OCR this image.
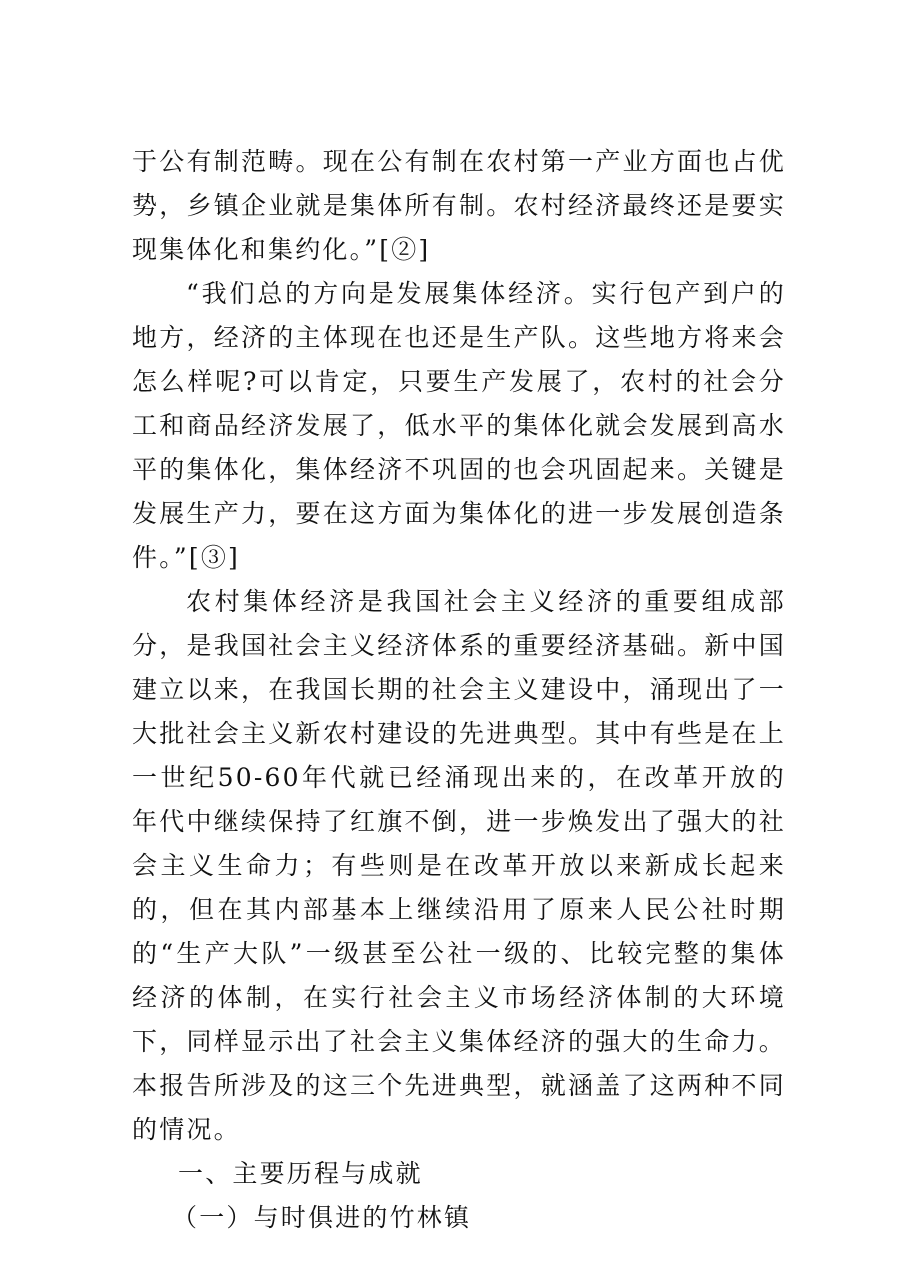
于公有制范畴。现在公有制在农村第一产业方面也占优势，乡镇企业就是集体所有制。农村经济最终还是要实现集体化和集约化。”[②]

“我们总的方向是发展集体经济。实行包产到户的地方，经济的主体现在也还是生产队。这些地方将来会怎么样呢?可以肯定，只要生产发展了，农村的社会分工和商品经济发展了，低水平的集体化就会发展到高水平的集体化，集体经济不巩固的也会巩固起来。关键是发展生产力，要在这方面为集体化的进一步发展创造条件。”[③]

农村集体经济是我国社会主义经济的重要组成部分，是我国社会主义经济体系的重要经济基础。新中国建立以来，在我国长期的社会主义建设中，涌现出了一大批社会主义新农村建设的先进典型。其中有些是在上一世纪50-60年代就已经涌现出来的，在改革开放的年代中继续保持了红旗不倒，进一步焕发出了强大的社会主义生命力；有些则是在改革开放以来新成长起来的，但在其内部基本上继续沿用了原来人民公社时期的“生产大队”一级甚至公社一级的、比较完整的集体经济的体制，在实行社会主义市场经济体制的大环境下，同样显示出了社会主义集体经济的强大的生命力。本报告所涉及的这三个先进典型，就涵盖了这两种不同的情况。

一、主要历程与成就

（一）与时俱进的竹林镇
